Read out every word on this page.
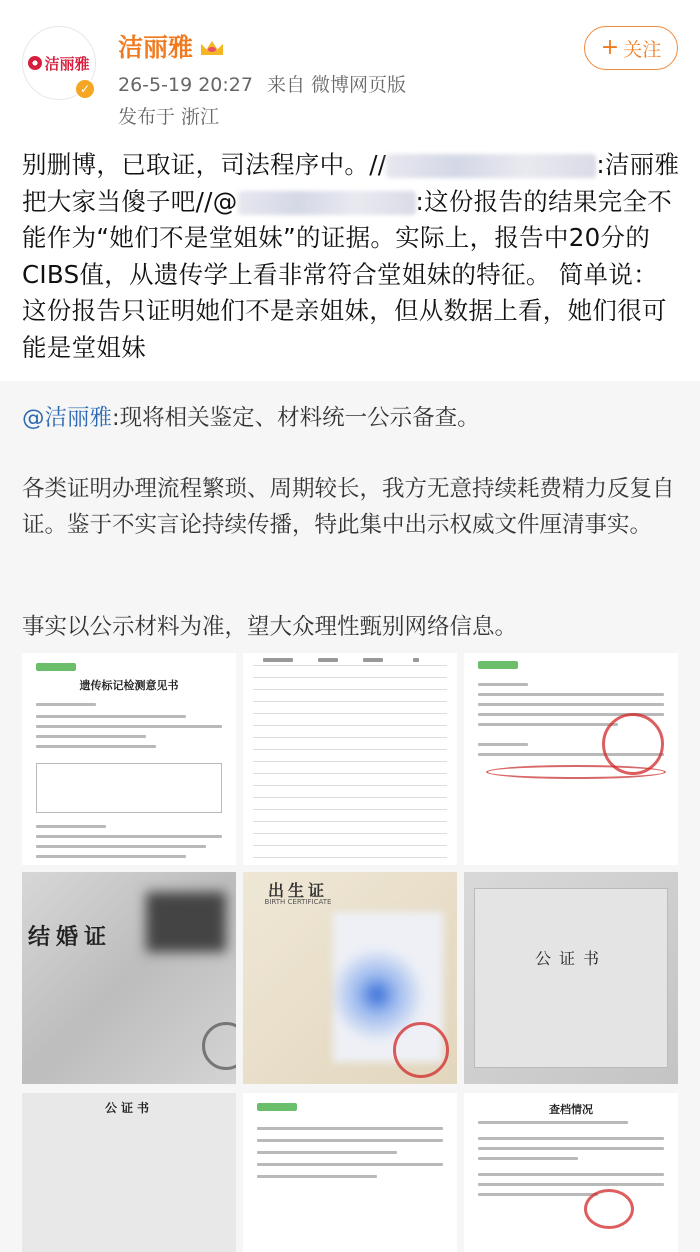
洁丽雅
✓
洁丽雅
26-5-19 20:27 来自 微博网页版
发布于 浙江
+ 关注
别删博，已取证，司法程序中。//	:洁丽雅把大家当傻子吧//@	:这份报告的结果完全不能作为“她们不是堂姐妹”的证据。实际上，报告中20分的CIBS值，从遗传学上看非常符合堂姐妹的特征。 简单说：这份报告只证明她们不是亲姐妹，但从数据上看，她们很可能是堂姐妹
@洁丽雅:现将相关鉴定、材料统一公示备查。
各类证明办理流程繁琐、周期较长，我方无意持续耗费精力反复自证。鉴于不实言论持续传播，特此集中出示权威文件厘清事实。
事实以公示材料为准，望大众理性甄别网络信息。
遗传标记检测意见书
结婚证
出生证
BIRTH CERTIFICATE
公证书
公证书	查档情况
